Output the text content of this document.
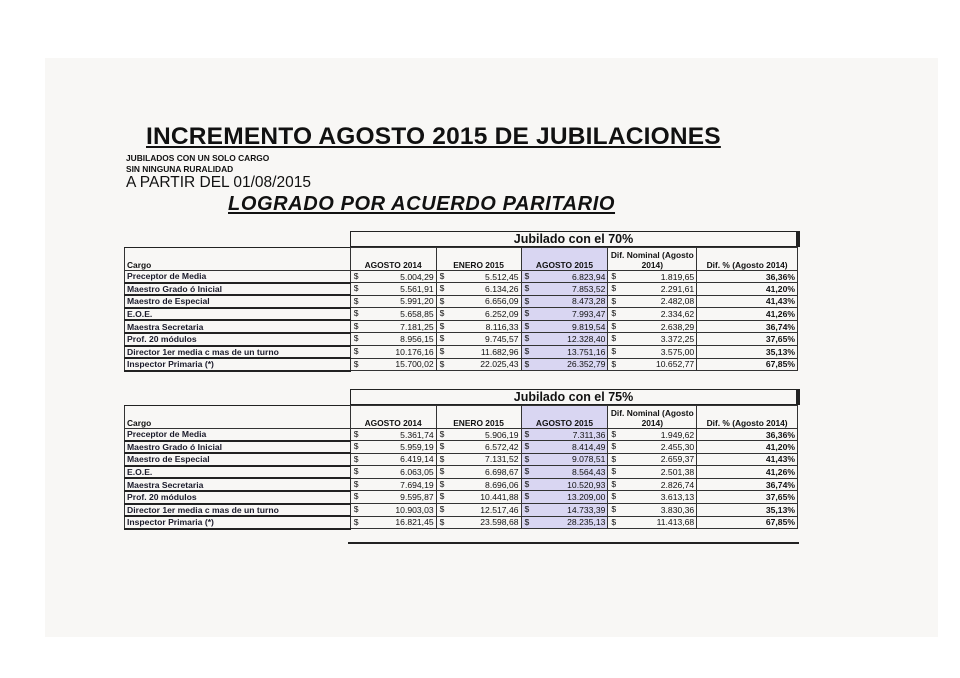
INCREMENTO AGOSTO 2015 DE JUBILACIONES
JUBILADOS CON UN SOLO CARGO
SIN NINGUNA RURALIDAD
A PARTIR DEL 01/08/2015
LOGRADO POR ACUERDO PARITARIO
Jubilado con el 70%
Cargo	AGOSTO 2014	ENERO 2015	AGOSTO 2015	Dif. Nominal (Agosto 2014)	Dif. % (Agosto 2014)
Preceptor de Media	$ 5.004,29	$ 5.512,45	$ 6.823,94	$ 1.819,65	36,36%
Maestro Grado ó Inicial	$ 5.561,91	$ 6.134,26	$ 7.853,52	$ 2.291,61	41,20%
Maestro de Especial	$ 5.991,20	$ 6.656,09	$ 8.473,28	$ 2.482,08	41,43%
E.O.E.	$ 5.658,85	$ 6.252,09	$ 7.993,47	$ 2.334,62	41,26%
Maestra Secretaria	$ 7.181,25	$ 8.116,33	$ 9.819,54	$ 2.638,29	36,74%
Prof. 20 módulos	$ 8.956,15	$ 9.745,57	$ 12.328,40	$ 3.372,25	37,65%
Director 1er media c mas de un turno	$ 10.176,16	$ 11.682,96	$ 13.751,16	$ 3.575,00	35,13%
Inspector Primaria (*)	$ 15.700,02	$ 22.025,43	$ 26.352,79	$ 10.652,77	67,85%
Jubilado con el 75%
Cargo	AGOSTO 2014	ENERO 2015	AGOSTO 2015	Dif. Nominal (Agosto 2014)	Dif. % (Agosto 2014)
Preceptor de Media	$ 5.361,74	$ 5.906,19	$ 7.311,36	$ 1.949,62	36,36%
Maestro Grado ó Inicial	$ 5.959,19	$ 6.572,42	$ 8.414,49	$ 2.455,30	41,20%
Maestro de Especial	$ 6.419,14	$ 7.131,52	$ 9.078,51	$ 2.659,37	41,43%
E.O.E.	$ 6.063,05	$ 6.698,67	$ 8.564,43	$ 2.501,38	41,26%
Maestra Secretaria	$ 7.694,19	$ 8.696,06	$ 10.520,93	$ 2.826,74	36,74%
Prof. 20 módulos	$ 9.595,87	$ 10.441,88	$ 13.209,00	$ 3.613,13	37,65%
Director 1er media c mas de un turno	$ 10.903,03	$ 12.517,46	$ 14.733,39	$ 3.830,36	35,13%
Inspector Primaria (*)	$ 16.821,45	$ 23.598,68	$ 28.235,13	$ 11.413,68	67,85%
